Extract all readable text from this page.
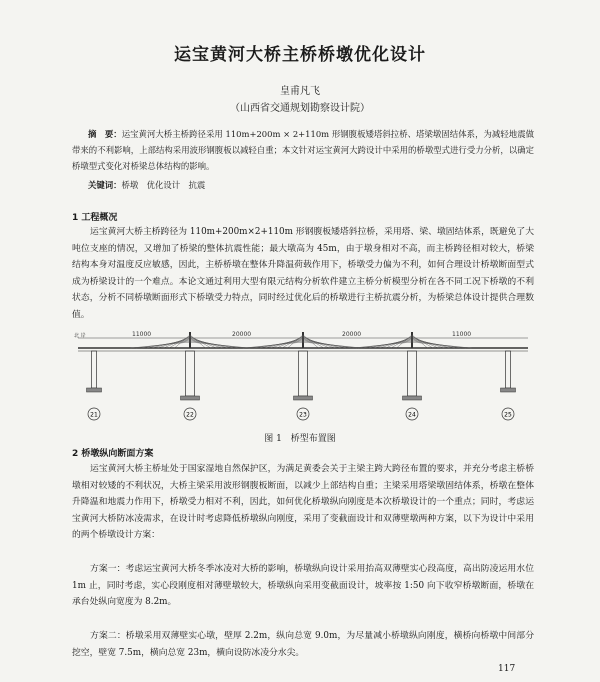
运宝黄河大桥主桥桥墩优化设计
皇甫凡飞
（山西省交通规划勘察设计院）
摘　要：运宝黄河大桥主桥跨径采用 110m+200m × 2+110m 形钢腹板矮塔斜拉桥、塔梁墩固结体系，为减轻地震做带来的不利影响，上部结构采用波形钢腹板以减轻自重；本文针对运宝黄河大跨设计中采用的桥墩型式进行受力分析，以确定桥墩型式变化对桥梁总体结构的影响。
关键词：桥墩　优化设计　抗震
1 工程概况
运宝黄河大桥主桥跨径为 110m+200m×2+110m 形钢腹板矮塔斜拉桥，采用塔、梁、墩固结体系，既避免了大吨位支座的情况，又增加了桥梁的整体抗震性能；最大墩高为 45m，由于墩身相对不高，而主桥跨径相对较大，桥梁结构本身对温度反应敏感，因此，主桥桥墩在整体升降温荷载作用下，桥墩受力偏为不利，如何合理设计桥墩断面型式成为桥梁设计的一个难点。本论文通过利用大型有限元结构分析软件建立主桥分析模型分析在各不同工况下桥墩的不利状态，分析不同桥墩断面形式下桥墩受力特点，同时经过优化后的桥墩进行主桥抗震分析，为桥梁总体设计提供合理数值。
北 岸	11000	20000	20000	11000
21	22	23	24	25
图 1　桥型布置图
2 桥墩纵向断面方案
运宝黄河大桥主桥址处于国家湿地自然保护区，为满足黄委会关于主梁主跨大跨径布置的要求，并充分考虑主桥桥墩相对较矮的不利状况，大桥主梁采用波形钢腹板断面，以减少上部结构自重；主梁采用塔梁墩固结体系，桥墩在整体升降温和地震力作用下，桥墩受力相对不利，因此，如何优化桥墩纵向刚度是本次桥墩设计的一个重点；同时，考虑运宝黄河大桥防冰凌需求，在设计时考虑降低桥墩纵向刚度，采用了变截面设计和双薄壁墩两种方案，以下为设计中采用的两个桥墩设计方案：
方案一：考虑运宝黄河大桥冬季冰凌对大桥的影响，桥墩纵向设计采用抬高双薄壁实心段高度，高出防凌运用水位 1m 止，同时考虑，实心段刚度相对薄壁墩较大，桥墩纵向采用变截面设计，坡率按 1:50 向下收窄桥墩断面，桥墩在承台处纵向宽度为 8.2m。
方案二：桥墩采用双薄壁实心墩，壁厚 2.2m，纵向总宽 9.0m，为尽量减小桥墩纵向刚度，横桥向桥墩中间部分挖空，壁宽 7.5m，横向总宽 23m，横向设防冰凌分水尖。
117
